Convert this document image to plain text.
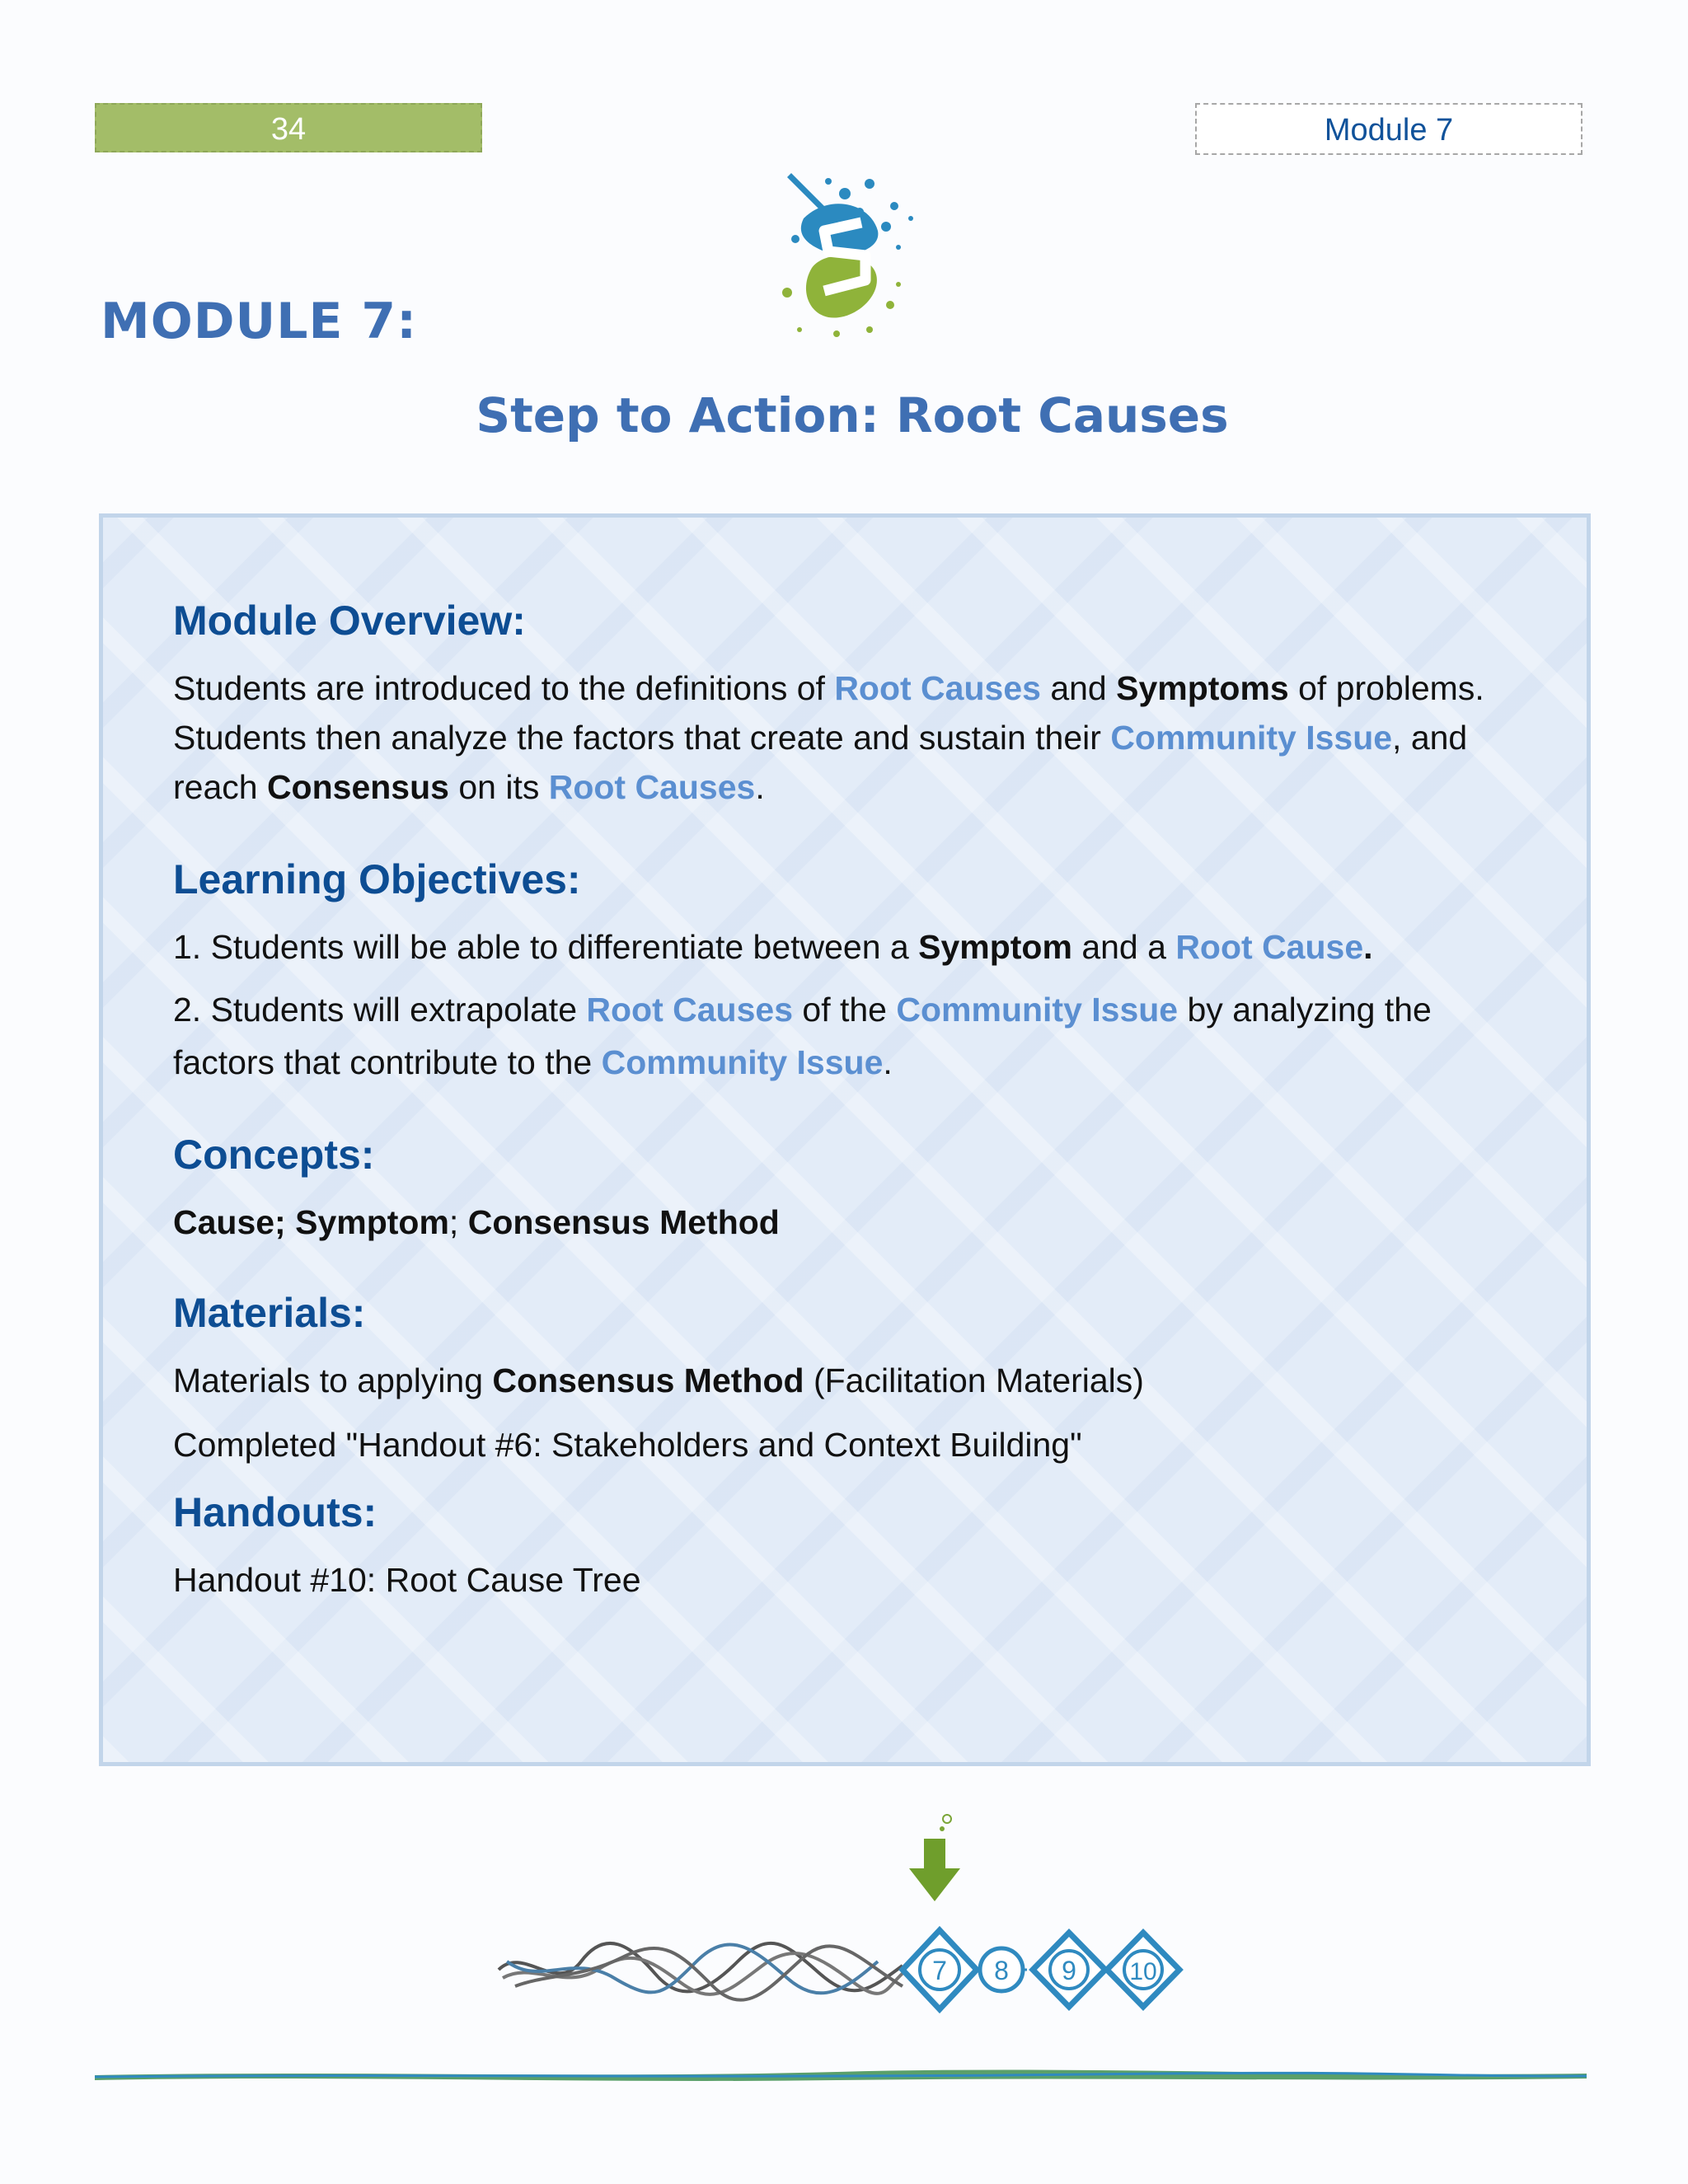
34	Module 7
MODULE 7:
Step to Action: Root Causes
Module Overview:

Students are introduced to the definitions of Root Causes and Symptoms of problems. Students then analyze the factors that create and sustain their Community Issue, and reach Consensus on its Root Causes.

Learning Objectives:

1. Students will be able to differentiate between a Symptom and a Root Cause.

2. Students will extrapolate Root Causes of the Community Issue by analyzing the factors that contribute to the Community Issue.

Concepts:

Cause; Symptom; Consensus Method

Materials:

Materials to applying Consensus Method (Facilitation Materials)

Completed "Handout #6: Stakeholders and Context Building"

Handouts:

Handout #10: Root Cause Tree

7 8 9 10
